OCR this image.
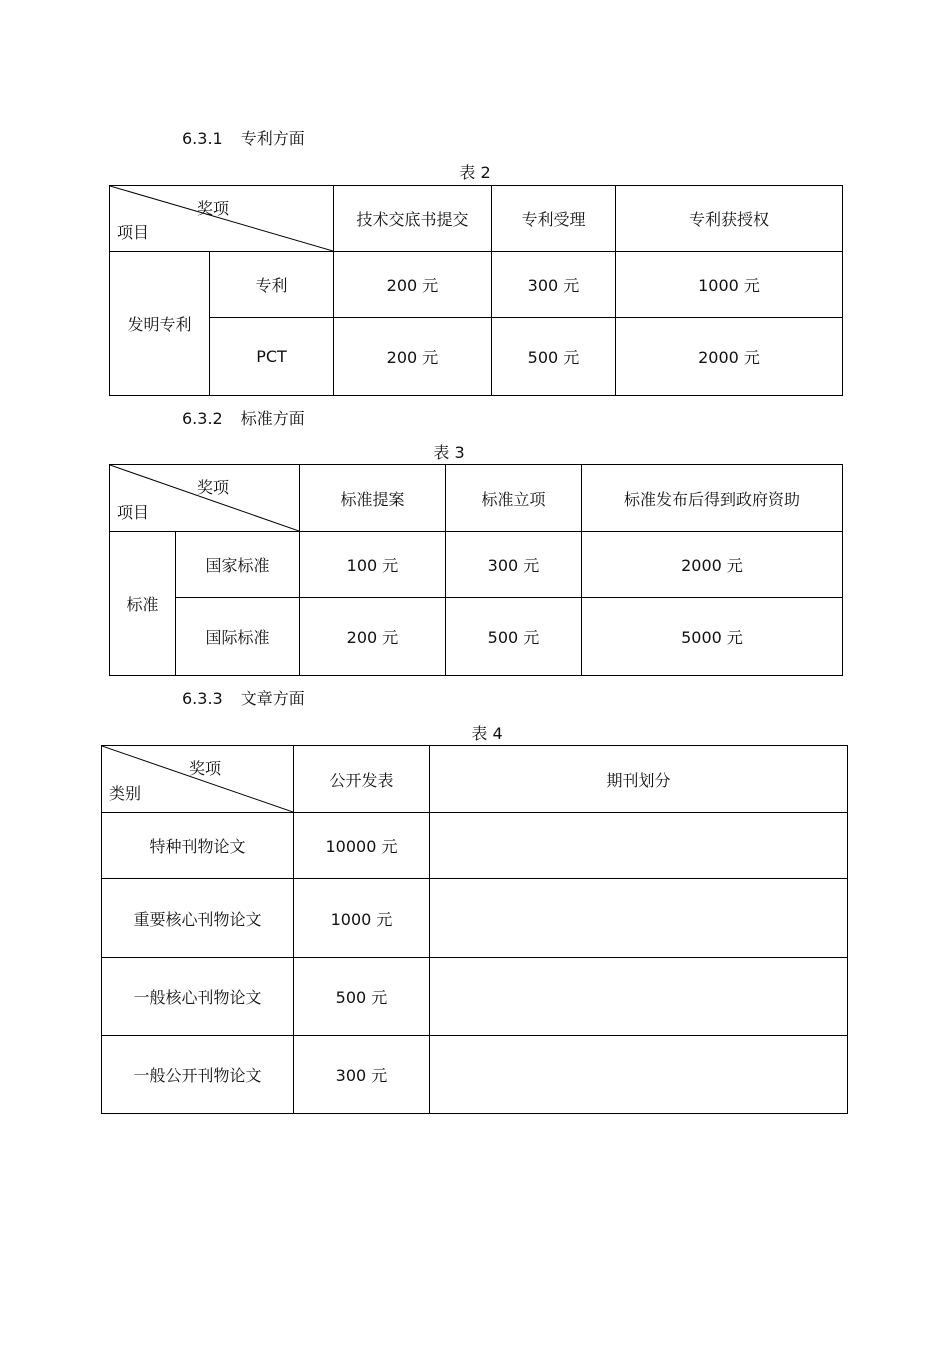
6.3.1 专利方面
表 2
奖项
项目		技术交底书提交	专利受理	专利获授权
发明专利	专利	200 元	300 元	1000 元
	PCT	200 元	500 元	2000 元
6.3.2 标准方面
表 3
奖项
项目		标准提案	标准立项	标准发布后得到政府资助
标准	国家标准	100 元	300 元	2000 元
	国际标准	200 元	500 元	5000 元
6.3.3 文章方面
表 4
奖项
类别	公开发表	期刊划分
特种刊物论文	10000 元	
重要核心刊物论文	1000 元	
一般核心刊物论文	500 元	
一般公开刊物论文	300 元	
